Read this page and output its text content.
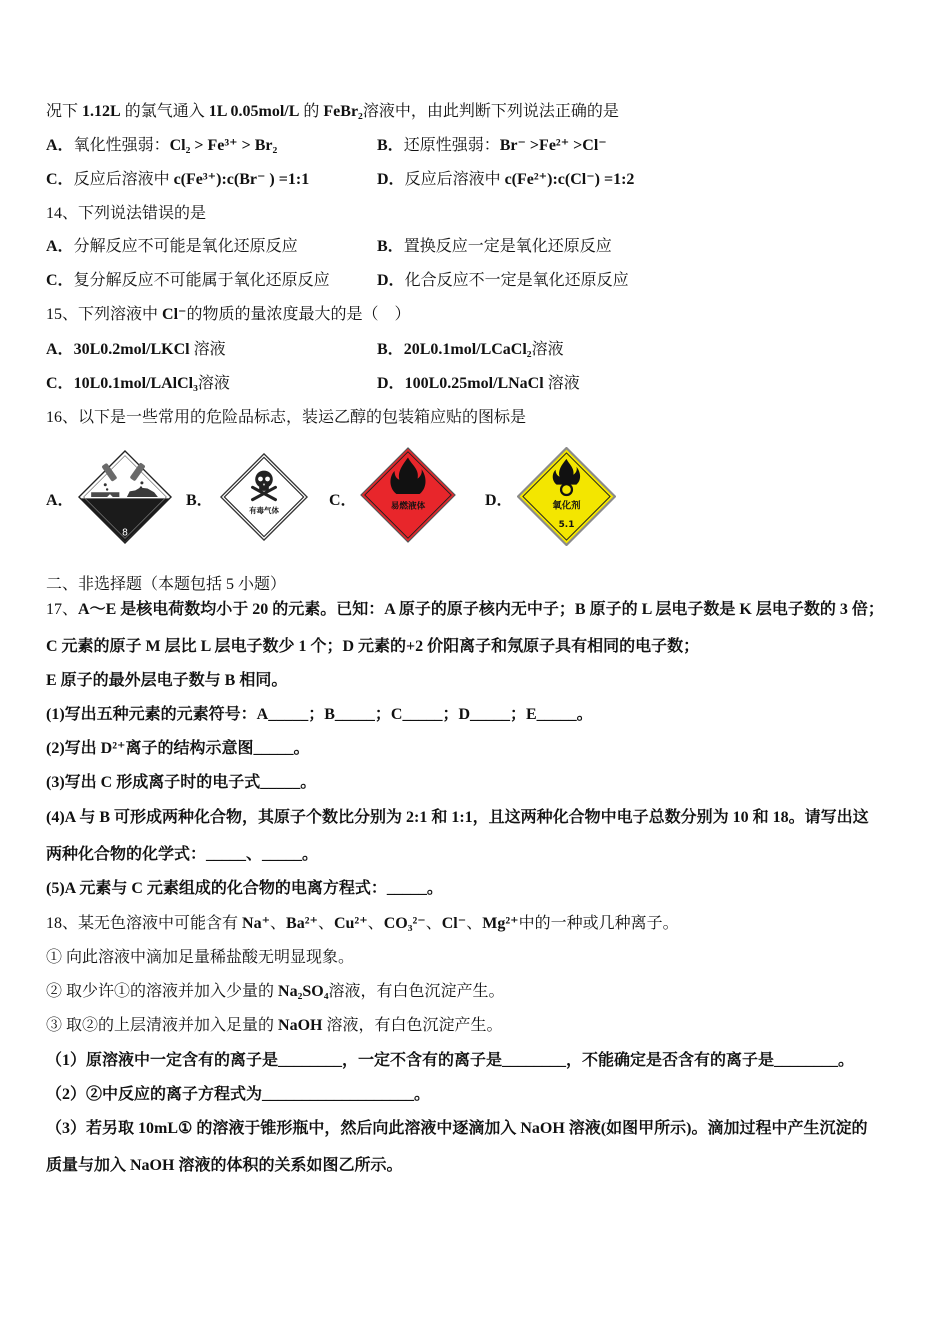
况下 1.12L 的氯气通入 1L 0.05mol/L 的 FeBr₂溶液中，由此判断下列说法正确的是
A．氧化性强弱：Cl₂ > Fe³⁺ > Br₂	B．还原性强弱：Br⁻ >Fe²⁺ >Cl⁻
C．反应后溶液中 c(Fe³⁺):c(Br⁻ ) =1:1	D．反应后溶液中 c(Fe²⁺):c(Cl⁻) =1:2
14、下列说法错误的是
A．分解反应不可能是氧化还原反应	B．置换反应一定是氧化还原反应
C．复分解反应不可能属于氧化还原反应	D．化合反应不一定是氧化还原反应
15、下列溶液中 Cl⁻的物质的量浓度最大的是（　）
A．30L0.2mol/LKCl 溶液	B．20L0.1mol/LCaCl₂溶液
C．10L0.1mol/LAlCl₃溶液	D．100L0.25mol/LNaCl 溶液
16、以下是一些常用的危险品标志，装运乙醇的包装箱应贴的图标是
A．	B．	C．	D．
8
有毒气体	易燃液体	氧化剂
5.1
二、非选择题（本题包括 5 小题）
17、A～E 是核电荷数均小于 20 的元素。已知：A 原子的原子核内无中子；B 原子的 L 层电子数是 K 层电子数的 3 倍；
C 元素的原子 M 层比 L 层电子数少 1 个；D 元素的+2 价阳离子和氖原子具有相同的电子数；
E 原子的最外层电子数与 B 相同。
(1)写出五种元素的元素符号：A_____；B_____；C_____；D_____；E_____。
(2)写出 D²⁺离子的结构示意图_____。
(3)写出 C 形成离子时的电子式_____。
(4)A 与 B 可形成两种化合物，其原子个数比分别为 2:1 和 1:1，且这两种化合物中电子总数分别为 10 和 18。请写出这
两种化合物的化学式：_____、_____。
(5)A 元素与 C 元素组成的化合物的电离方程式：_____。
18、某无色溶液中可能含有 Na⁺、Ba²⁺、Cu²⁺、CO₃²⁻、Cl⁻、Mg²⁺中的一种或几种离子。
① 向此溶液中滴加足量稀盐酸无明显现象。
② 取少许①的溶液并加入少量的 Na₂SO₄溶液，有白色沉淀产生。
③ 取②的上层清液并加入足量的 NaOH 溶液，有白色沉淀产生。
（1）原溶液中一定含有的离子是________，一定不含有的离子是________，不能确定是否含有的离子是________。
（2）②中反应的离子方程式为___________________。
（3）若另取 10mL① 的溶液于锥形瓶中，然后向此溶液中逐滴加入 NaOH 溶液(如图甲所示)。滴加过程中产生沉淀的
质量与加入 NaOH 溶液的体积的关系如图乙所示。
